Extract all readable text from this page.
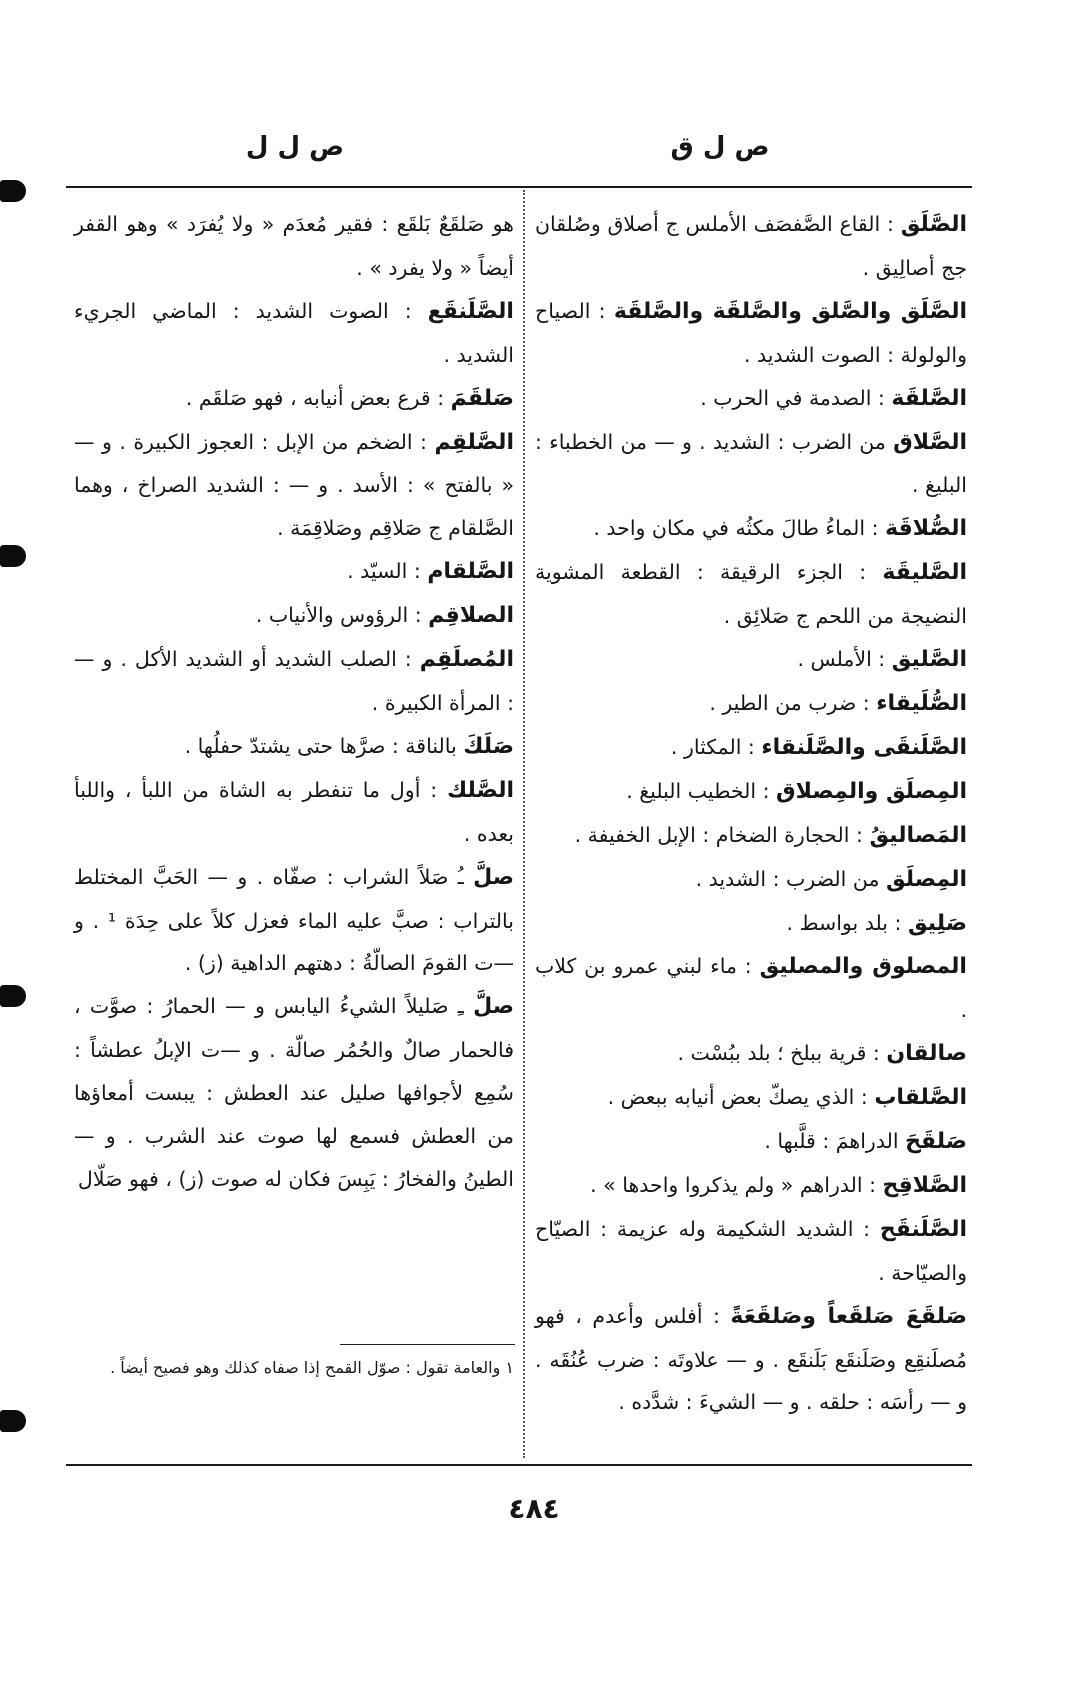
ص ل ق
ص ل ل

الصَّلَق : القاع الصَّفصَف الأملس ج أصلاق وصُلقان جج أصالِيق .

الصَّلَق والصَّلق والصَّلقَة والصَّلقَة : الصياح والولولة : الصوت الشديد .

الصَّلقَة : الصدمة في الحرب .

الصَّلاق من الضرب : الشديد . و — من الخطباء : البليغ .

الصُّلاقَة : الماءُ طالَ مكثُه في مكان واحد .

الصَّليقَة : الجزء الرقيقة : القطعة المشوية النضيجة من اللحم ج صَلائِق .

الصَّليق : الأملس .

الصُّلَيقاء : ضرب من الطير .

الصَّلَنقَى والصَّلَنقاء : المكثار .

المِصلَق والمِصلاق : الخطيب البليغ .

المَصاليقُ : الحجارة الضخام : الإبل الخفيفة .

المِصلَق من الضرب : الشديد .

صَلِيق : بلد بواسط .

المصلوق والمصليق : ماء لبني عمرو بن كلاب .

صالقان : قرية ببلخ ؛ بلد ببُسْت .

الصَّلقاب : الذي يصكّ بعض أنيابه ببعض .

صَلقَحَ الدراهمَ : قلَّبها .

الصَّلاقِح : الدراهم « ولم يذكروا واحدها » .

الصَّلَنقَح : الشديد الشكيمة وله عزيمة : الصيّاح والصيّاحة .

صَلقَعَ صَلقَعاً وصَلقَعَةً : أفلس وأعدم ، فهو مُصلَنقِع وصَلَنقَع بَلَنقَع . و — علاوتَه : ضرب عُنُقَه . و — رأسَه : حلقه . و — الشيءَ : شدَّده .

هو صَلقَعٌ بَلقَع : فقير مُعدَم « ولا يُفرَد » وهو القفر أيضاً « ولا يفرد » .

الصَّلَنقَع : الصوت الشديد : الماضي الجريء الشديد .

صَلقَمَ : قرع بعض أنيابه ، فهو صَلقَم .

الصَّلقِم : الضخم من الإبل : العجوز الكبيرة . و — « بالفتح » : الأسد . و — : الشديد الصراخ ، وهما الصَّلقام ج صَلاقِم وصَلاقِمَة .

الصَّلقام : السيّد .

الصلاقِم : الرؤوس والأنياب .

المُصلَقِم : الصلب الشديد أو الشديد الأكل . و — : المرأة الكبيرة .

صَلَكَ بالناقة : صرَّها حتى يشتدّ حفلُها .

الصَّلك : أول ما تنفطر به الشاة من اللبأ ، واللبأ بعده .

صلَّ ـُ صَلاً الشراب : صفّاه . و — الحَبَّ المختلط بالتراب : صبَّ عليه الماء فعزل كلاً على حِدَة ¹ . و —ت القومَ الصالّةُ : دهتهم الداهية (ز) .

صلَّ ـِ صَليلاً الشيءُ اليابس و — الحمارُ : صوَّت ، فالحمار صالٌ والحُمُر صالّة . و —ت الإبلُ عطشاً : سُمِع لأجوافها صليل عند العطش : يبست أمعاؤها من العطش فسمع لها صوت عند الشرب . و — الطينُ والفخارُ : يَبِسَ فكان له صوت (ز) ، فهو صَلّال

١ والعامة تقول : صوّل القمح إذا صفاه كذلك وهو فصيح أيضاً .
٤٨٤
